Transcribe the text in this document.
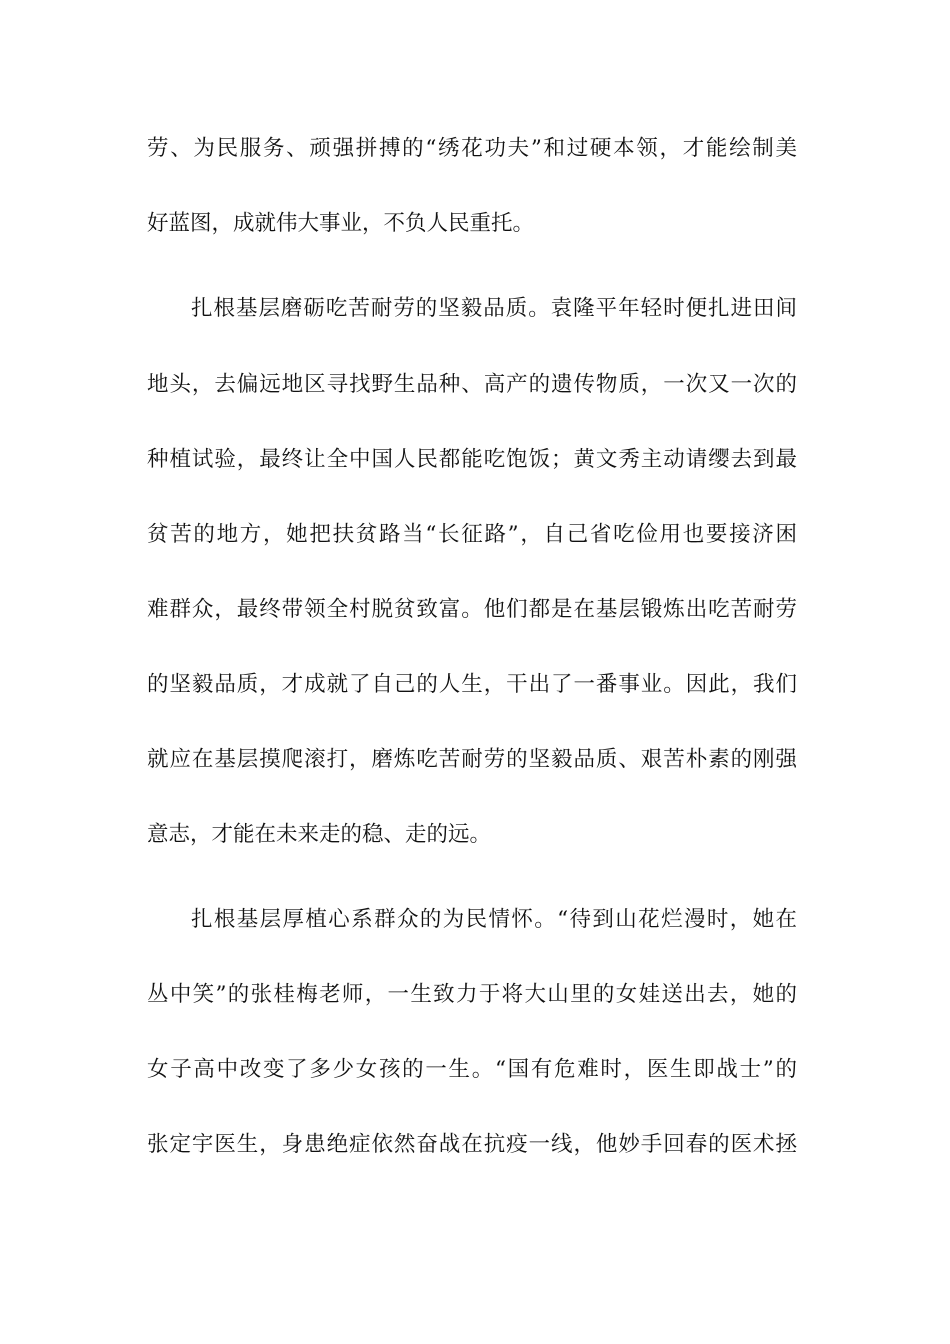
劳、为民服务、顽强拼搏的“绣花功夫”和过硬本领，才能绘制美
好蓝图，成就伟大事业，不负人民重托。
扎根基层磨砺吃苦耐劳的坚毅品质。袁隆平年轻时便扎进田间
地头，去偏远地区寻找野生品种、高产的遗传物质，一次又一次的
种植试验，最终让全中国人民都能吃饱饭；黄文秀主动请缨去到最
贫苦的地方，她把扶贫路当“长征路”，自己省吃俭用也要接济困
难群众，最终带领全村脱贫致富。他们都是在基层锻炼出吃苦耐劳
的坚毅品质，才成就了自己的人生，干出了一番事业。因此，我们
就应在基层摸爬滚打，磨炼吃苦耐劳的坚毅品质、艰苦朴素的刚强
意志，才能在未来走的稳、走的远。
扎根基层厚植心系群众的为民情怀。“待到山花烂漫时，她在
丛中笑”的张桂梅老师，一生致力于将大山里的女娃送出去，她的
女子高中改变了多少女孩的一生。“国有危难时，医生即战士”的
张定宇医生，身患绝症依然奋战在抗疫一线，他妙手回春的医术拯
